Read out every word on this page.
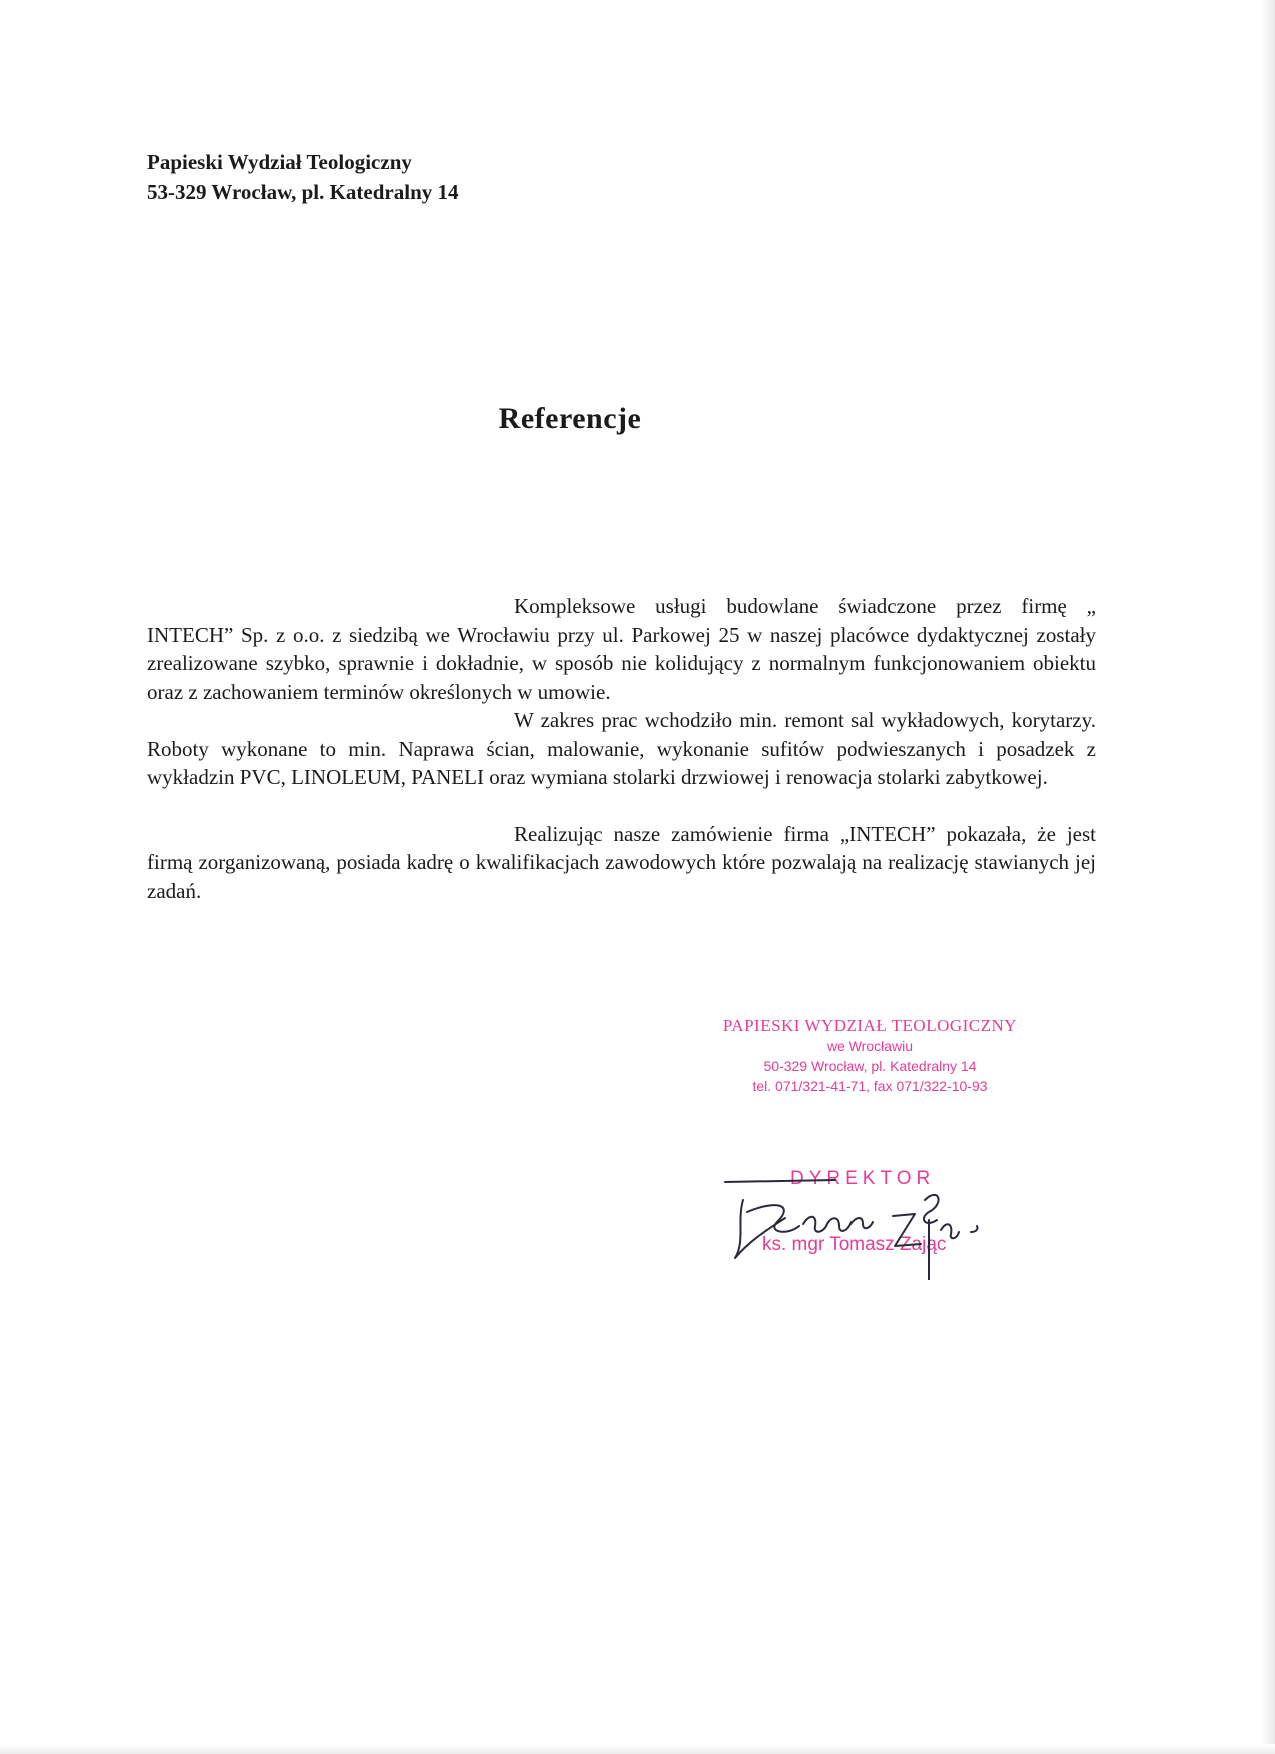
Papieski Wydział Teologiczny
53-329 Wrocław, pl. Katedralny 14
Referencje

Kompleksowe usługi budowlane świadczone przez firmę „ INTECH” Sp. z o.o. z siedzibą we Wrocławiu przy ul. Parkowej 25 w naszej placówce dydaktycznej zostały zrealizowane szybko, sprawnie i dokładnie, w sposób nie kolidujący z normalnym funkcjonowaniem obiektu oraz z zachowaniem terminów określonych w umowie.

W zakres prac wchodziło min. remont sal wykładowych, korytarzy. Roboty wykonane to min. Naprawa ścian, malowanie, wykonanie sufitów podwieszanych i posadzek z wykładzin PVC, LINOLEUM, PANELI oraz wymiana stolarki drzwiowej i renowacja stolarki zabytkowej.

Realizując nasze zamówienie firma „INTECH” pokazała, że jest firmą zorganizowaną, posiada kadrę o kwalifikacjach zawodowych które pozwalają na realizację stawianych jej zadań.

PAPIESKI WYDZIAŁ TEOLOGICZNY
we Wrocławiu
50-329 Wrocław, pl. Katedralny 14
tel. 071/321-41-71, fax 071/322-10-93
DYREKTOR
ks. mgr Tomasz Zając
